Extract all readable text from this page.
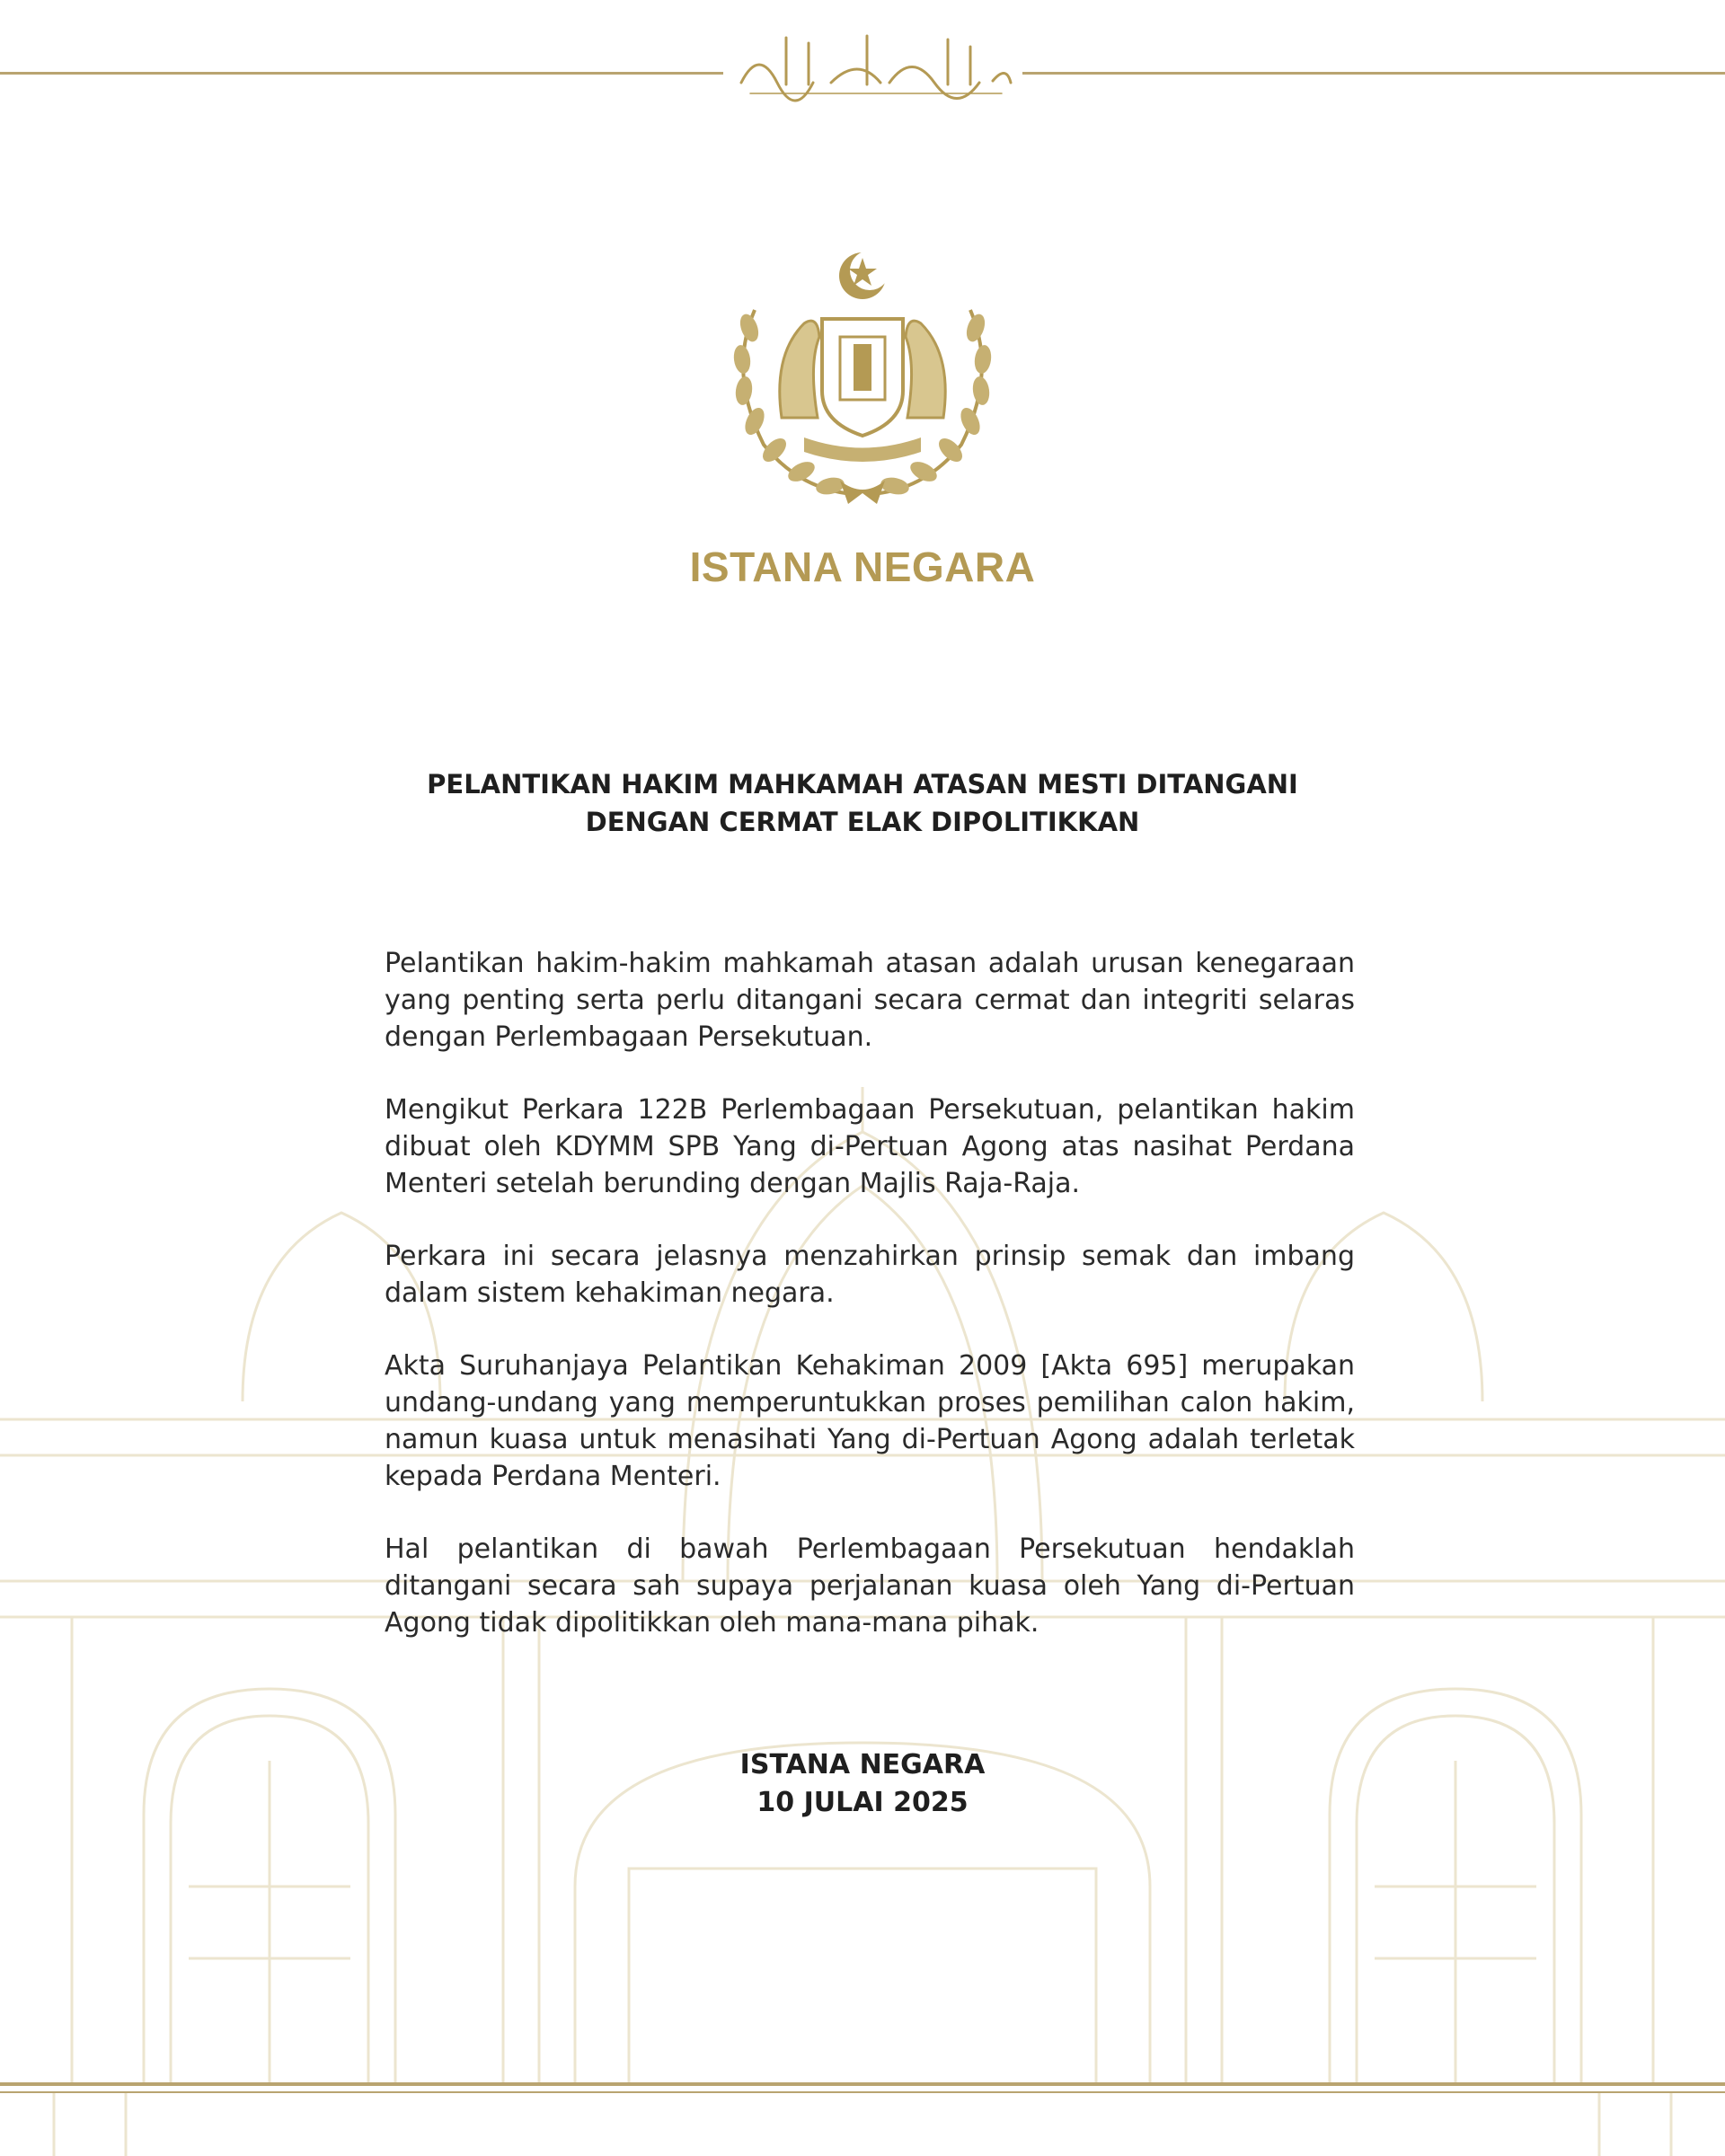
ISTANA NEGARA
PELANTIKAN HAKIM MAHKAMAH ATASAN MESTI DITANGANI
DENGAN CERMAT ELAK DIPOLITIKKAN

Pelantikan hakim-hakim mahkamah atasan adalah urusan kenegaraan yang penting serta perlu ditangani secara cermat dan integriti selaras dengan Perlembagaan Persekutuan.

Mengikut Perkara 122B Perlembagaan Persekutuan, pelantikan hakim dibuat oleh KDYMM SPB Yang di-Pertuan Agong atas nasihat Perdana Menteri setelah berunding dengan Majlis Raja-Raja.

Perkara ini secara jelasnya menzahirkan prinsip semak dan imbang dalam sistem kehakiman negara.

Akta Suruhanjaya Pelantikan Kehakiman 2009 [Akta 695] merupakan undang-undang yang memperuntukkan proses pemilihan calon hakim, namun kuasa untuk menasihati Yang di-Pertuan Agong adalah terletak kepada Perdana Menteri.

Hal pelantikan di bawah Perlembagaan Persekutuan hendaklah ditangani secara sah supaya perjalanan kuasa oleh Yang di-Pertuan Agong tidak dipolitikkan oleh mana-mana pihak.

ISTANA NEGARA
10 JULAI 2025
